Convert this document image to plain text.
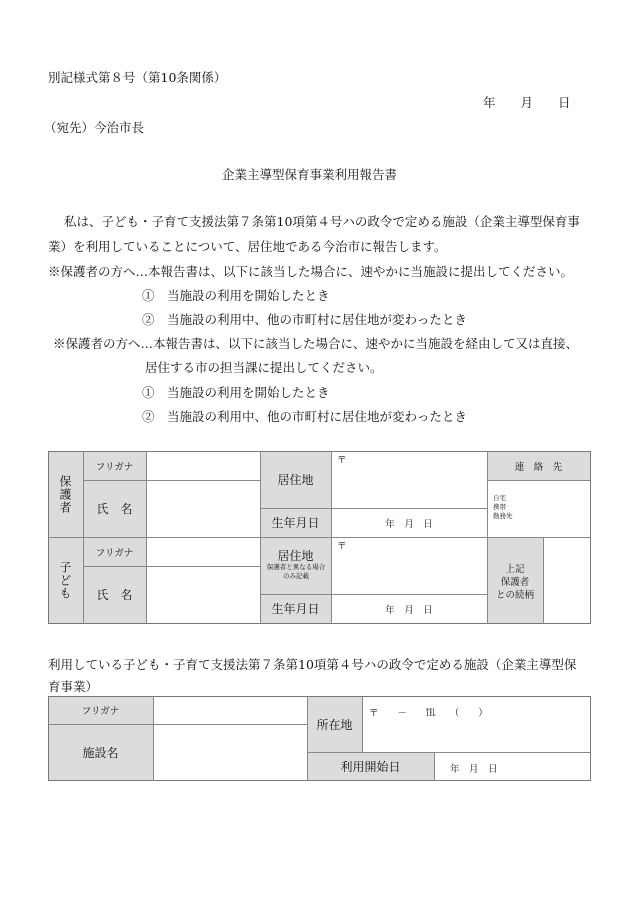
別記様式第８号（第10条関係）
年　　月　　日
（宛先）今治市長
企業主導型保育事業利用報告書
私は、子ども・子育て支援法第７条第10項第４号ハの政令で定める施設（企業主導型保育事
業）を利用していることについて、居住地である今治市に報告します。
※保護者の方へ…本報告書は、以下に該当した場合に、速やかに当施設に提出してください。
①　当施設の利用を開始したとき
②　当施設の利用中、他の市町村に居住地が変わったとき
※保護者の方へ…本報告書は、以下に該当した場合に、速やかに当施設を経由して又は直接、
居住する市の担当課に提出してください。
①　当施設の利用を開始したとき
②　当施設の利用中、他の市町村に居住地が変わったとき
保護者
子ども
フリガナ
氏　名
フリガナ
氏　名
居住地
生年月日
居住地
保護者と異なる場合のみ記載
生年月日
〒
〒
年　月　日
年　月　日
連　絡　先
自宅
携帯
勤務先
上記
保護者
との続柄
利用している子ども・子育て支援法第７条第10項第４号ハの政令で定める施設（企業主導型保
育事業）
フリガナ
施設名
所在地
〒　　－　　℡　　（　　）
利用開始日	年　月　日
